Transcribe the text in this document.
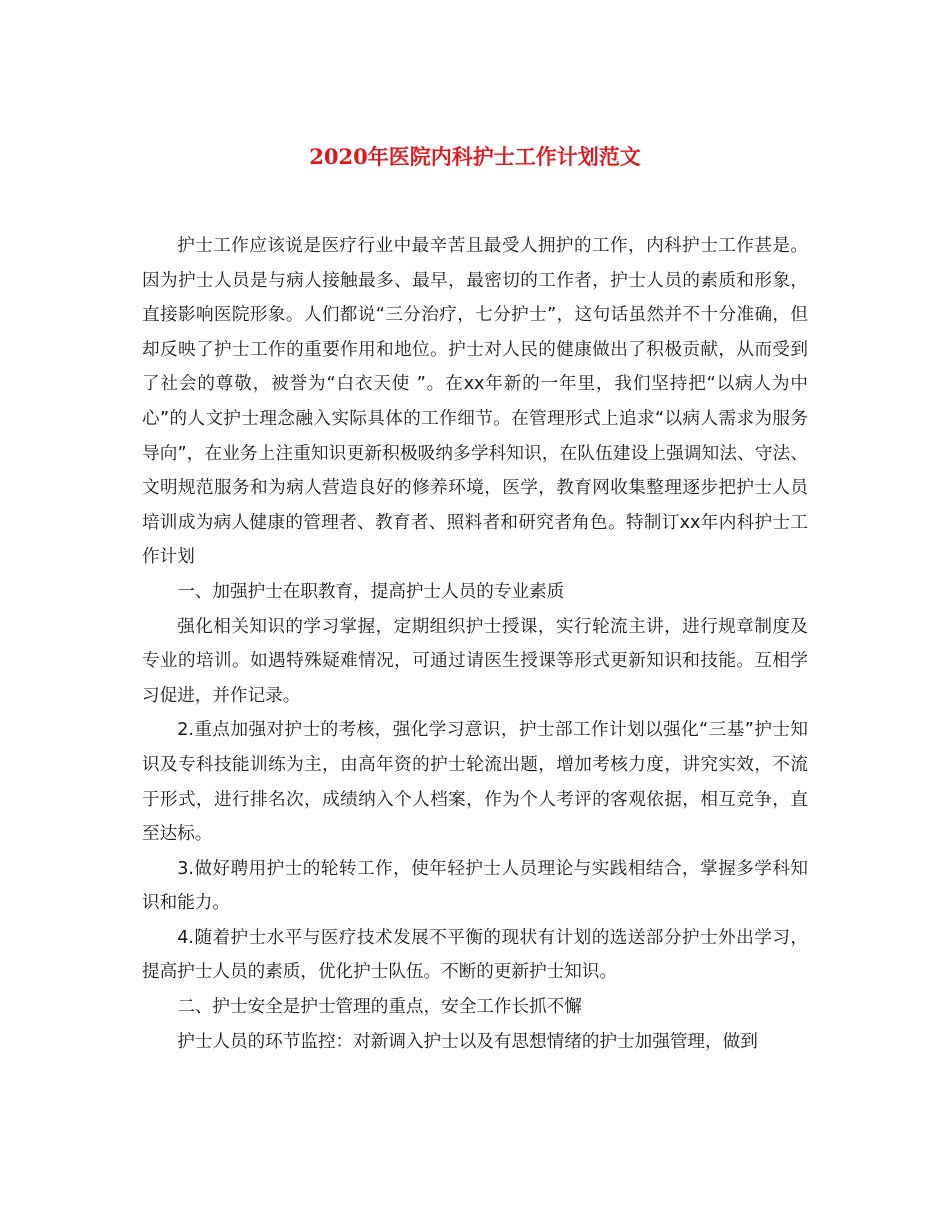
2020年医院内科护士工作计划范文

护士工作应该说是医疗行业中最辛苦且最受人拥护的工作，内科护士工作甚是。因为护士人员是与病人接触最多、最早，最密切的工作者，护士人员的素质和形象，直接影响医院形象。人们都说“三分治疗，七分护士”，这句话虽然并不十分准确，但却反映了护士工作的重要作用和地位。护士对人民的健康做出了积极贡献，从而受到了社会的尊敬，被誉为“白衣天使 ”。在xx年新的一年里，我们坚持把“以病人为中心”的人文护士理念融入实际具体的工作细节。在管理形式上追求“以病人需求为服务导向”，在业务上注重知识更新积极吸纳多学科知识，在队伍建设上强调知法、守法、文明规范服务和为病人营造良好的修养环境，医学，教育网收集整理逐步把护士人员培训成为病人健康的管理者、教育者、照料者和研究者角色。特制订xx年内科护士工作计划

一、加强护士在职教育，提高护士人员的专业素质

强化相关知识的学习掌握，定期组织护士授课，实行轮流主讲，进行规章制度及专业的培训。如遇特殊疑难情况，可通过请医生授课等形式更新知识和技能。互相学习促进，并作记录。

2.重点加强对护士的考核，强化学习意识，护士部工作计划以强化“三基”护士知识及专科技能训练为主，由高年资的护士轮流出题，增加考核力度，讲究实效，不流于形式，进行排名次，成绩纳入个人档案，作为个人考评的客观依据，相互竞争，直至达标。

3.做好聘用护士的轮转工作，使年轻护士人员理论与实践相结合，掌握多学科知识和能力。

4.随着护士水平与医疗技术发展不平衡的现状有计划的选送部分护士外出学习，提高护士人员的素质，优化护士队伍。不断的更新护士知识。

二、护士安全是护士管理的重点，安全工作长抓不懈

护士人员的环节监控：对新调入护士以及有思想情绪的护士加强管理，做到
